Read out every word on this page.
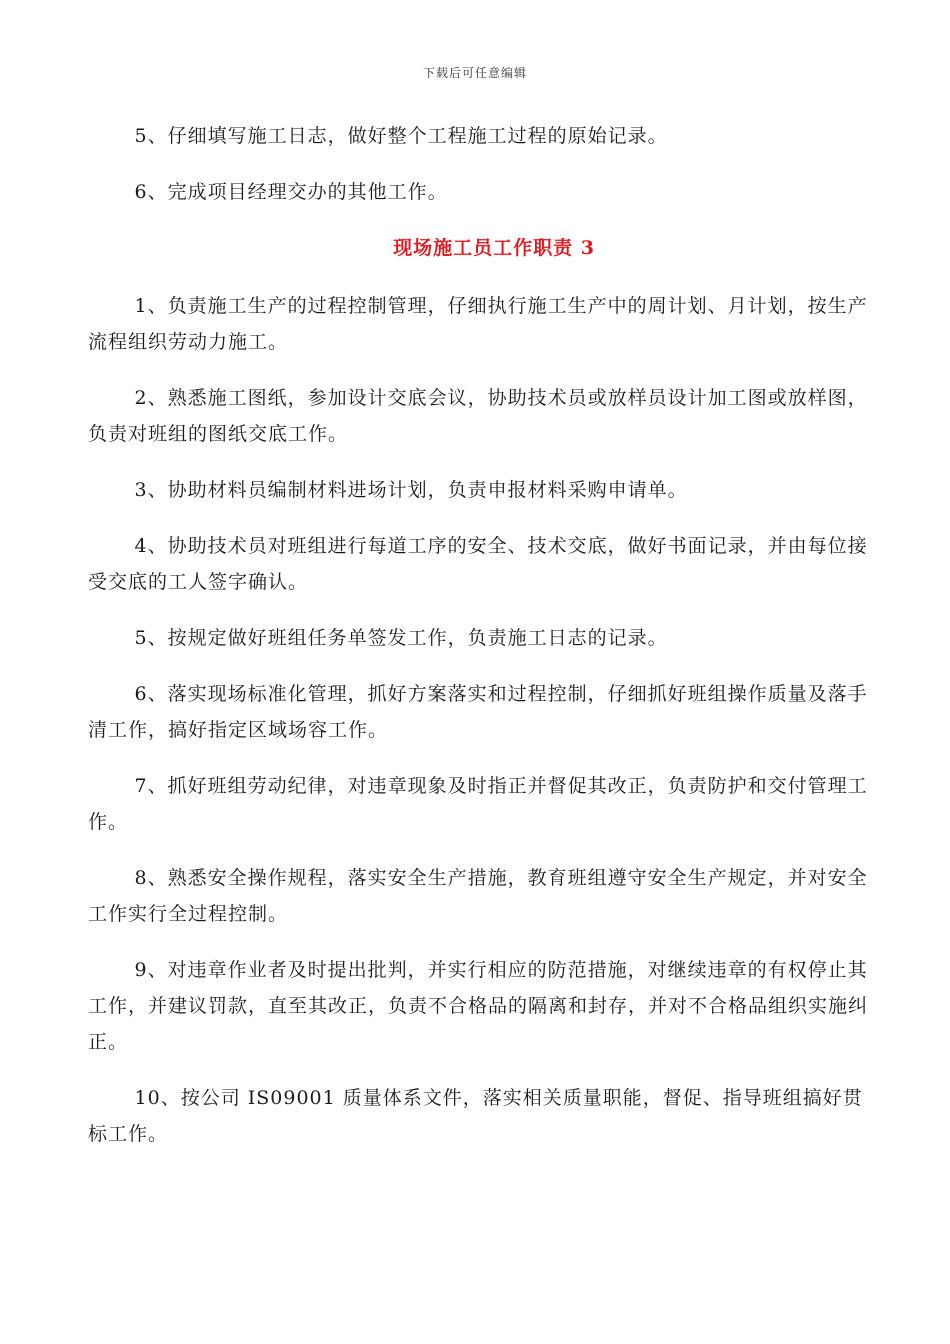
下载后可任意编辑

5、仔细填写施工日志，做好整个工程施工过程的原始记录。

6、完成项目经理交办的其他工作。

现场施工员工作职责 3

1、负责施工生产的过程控制管理，仔细执行施工生产中的周计划、月计划，按生产流程组织劳动力施工。

2、熟悉施工图纸，参加设计交底会议，协助技术员或放样员设计加工图或放样图，负责对班组的图纸交底工作。

3、协助材料员编制材料进场计划，负责申报材料采购申请单。

4、协助技术员对班组进行每道工序的安全、技术交底，做好书面记录，并由每位接受交底的工人签字确认。

5、按规定做好班组任务单签发工作，负责施工日志的记录。

6、落实现场标准化管理，抓好方案落实和过程控制，仔细抓好班组操作质量及落手清工作，搞好指定区域场容工作。

7、抓好班组劳动纪律，对违章现象及时指正并督促其改正，负责防护和交付管理工作。

8、熟悉安全操作规程，落实安全生产措施，教育班组遵守安全生产规定，并对安全工作实行全过程控制。

9、对违章作业者及时提出批判，并实行相应的防范措施，对继续违章的有权停止其工作，并建议罚款，直至其改正，负责不合格品的隔离和封存，并对不合格品组织实施纠正。

10、按公司 IS09001 质量体系文件，落实相关质量职能，督促、指导班组搞好贯标工作。
